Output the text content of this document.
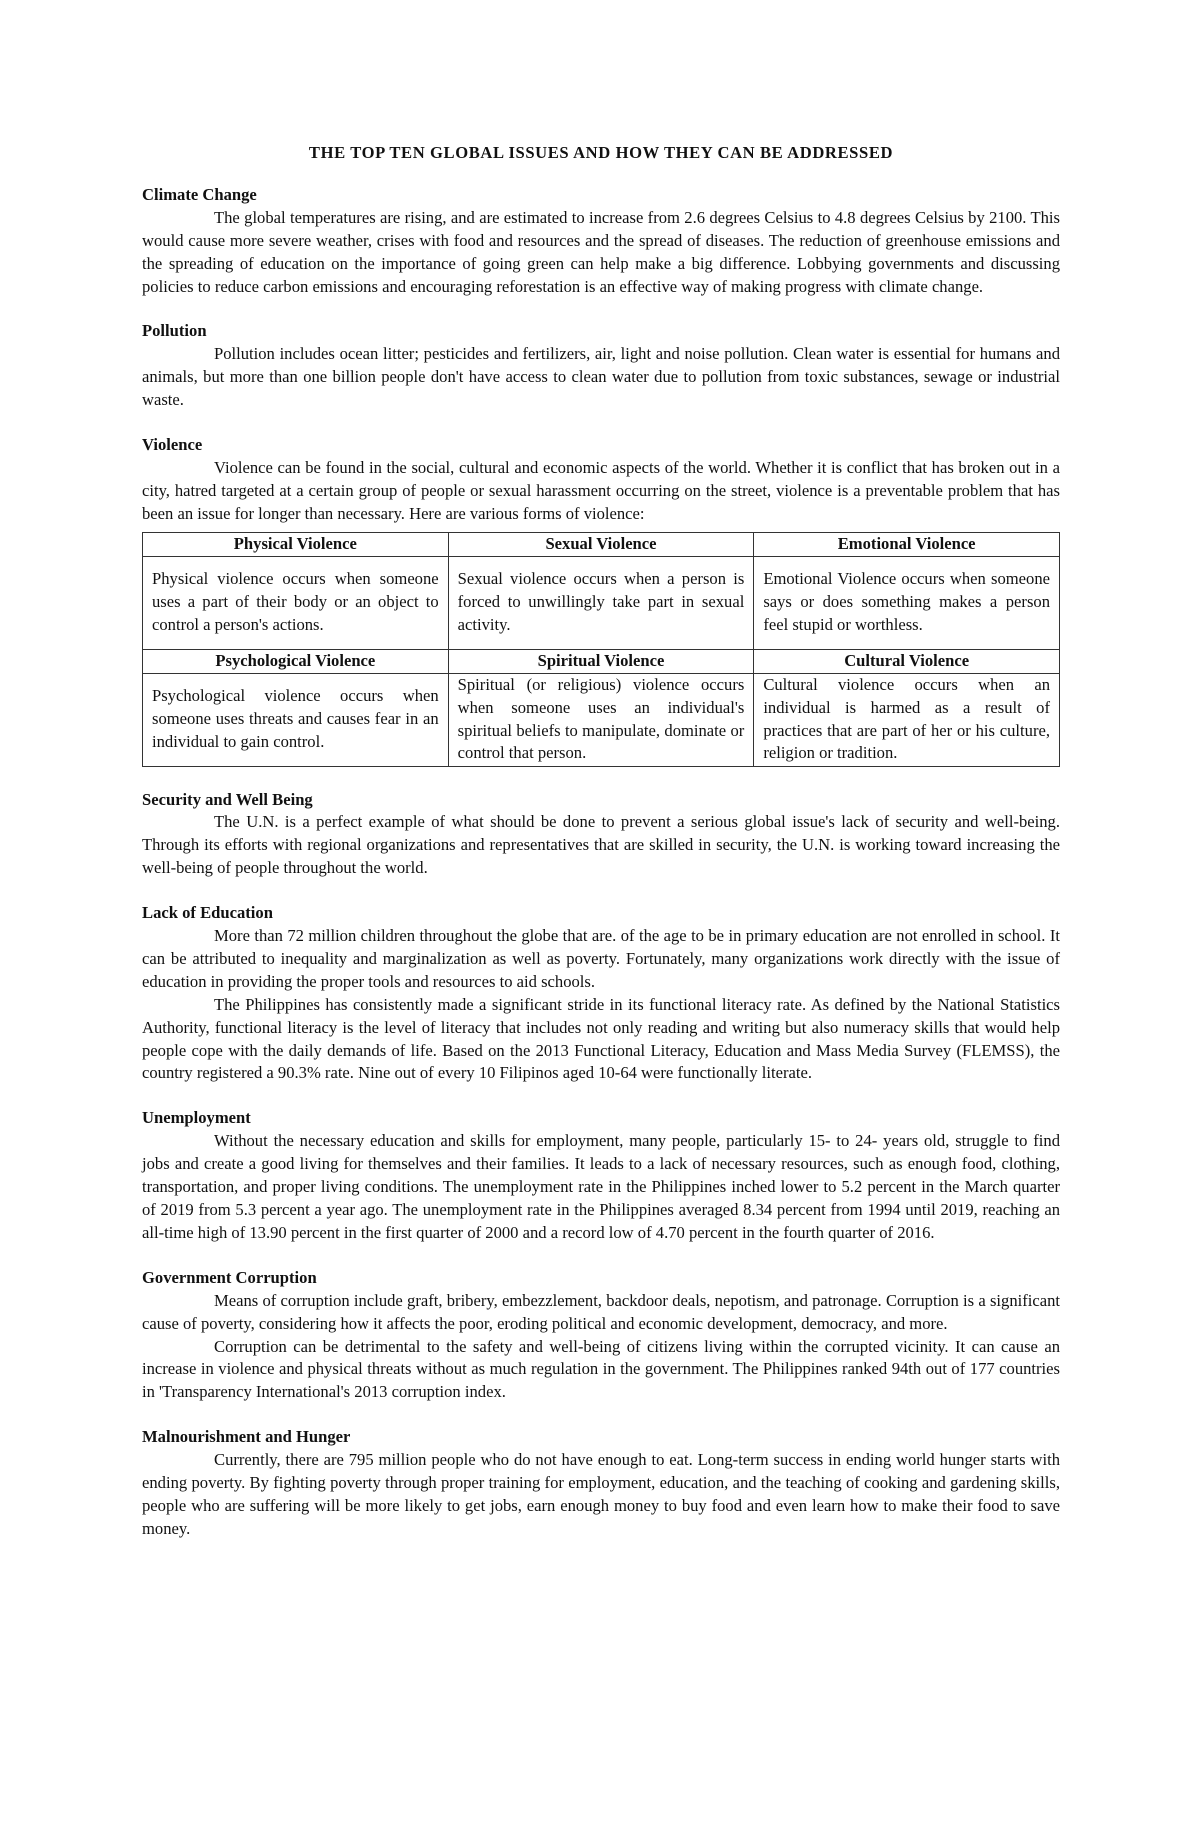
THE TOP TEN GLOBAL ISSUES AND HOW THEY CAN BE ADDRESSED
Climate Change

The global temperatures are rising, and are estimated to increase from 2.6 degrees Celsius to 4.8 degrees Celsius by 2100. This would cause more severe weather, crises with food and resources and the spread of diseases. The reduction of greenhouse emissions and the spreading of education on the importance of going green can help make a big difference. Lobbying governments and discussing policies to reduce carbon emissions and encouraging reforestation is an effective way of making progress with climate change.

Pollution

Pollution includes ocean litter; pesticides and fertilizers, air, light and noise pollution. Clean water is essential for humans and animals, but more than one billion people don't have access to clean water due to pollution from toxic substances, sewage or industrial waste.

Violence

Violence can be found in the social, cultural and economic aspects of the world. Whether it is conflict that has broken out in a city, hatred targeted at a certain group of people or sexual harassment occurring on the street, violence is a preventable problem that has been an issue for longer than necessary. Here are various forms of violence:

Physical Violence	Sexual Violence	Emotional Violence
Physical violence occurs when someone uses a part of their body or an object to control a person's actions.	Sexual violence occurs when a person is forced to unwillingly take part in sexual activity.	Emotional Violence occurs when someone says or does something makes a person feel stupid or worthless.
Psychological Violence	Spiritual Violence	Cultural Violence
Psychological violence occurs when someone uses threats and causes fear in an individual to gain control.	Spiritual (or religious) violence occurs when someone uses an individual's spiritual beliefs to manipulate, dominate or control that person.	Cultural violence occurs when an individual is harmed as a result of practices that are part of her or his culture, religion or tradition.
Security and Well Being

The U.N. is a perfect example of what should be done to prevent a serious global issue's lack of security and well-being. Through its efforts with regional organizations and representatives that are skilled in security, the U.N. is working toward increasing the well-being of people throughout the world.

Lack of Education

More than 72 million children throughout the globe that are. of the age to be in primary education are not enrolled in school. It can be attributed to inequality and marginalization as well as poverty. Fortunately, many organizations work directly with the issue of education in providing the proper tools and resources to aid schools.

The Philippines has consistently made a significant stride in its functional literacy rate. As defined by the National Statistics Authority, functional literacy is the level of literacy that includes not only reading and writing but also numeracy skills that would help people cope with the daily demands of life. Based on the 2013 Functional Literacy, Education and Mass Media Survey (FLEMSS), the country registered a 90.3% rate. Nine out of every 10 Filipinos aged 10-64 were functionally literate.

Unemployment

Without the necessary education and skills for employment, many people, particularly 15- to 24- years old, struggle to find jobs and create a good living for themselves and their families. It leads to a lack of necessary resources, such as enough food, clothing, transportation, and proper living conditions. The unemployment rate in the Philippines inched lower to 5.2 percent in the March quarter of 2019 from 5.3 percent a year ago. The unemployment rate in the Philippines averaged 8.34 percent from 1994 until 2019, reaching an all-time high of 13.90 percent in the first quarter of 2000 and a record low of 4.70 percent in the fourth quarter of 2016.

Government Corruption

Means of corruption include graft, bribery, embezzlement, backdoor deals, nepotism, and patronage. Corruption is a significant cause of poverty, considering how it affects the poor, eroding political and economic development, democracy, and more.

Corruption can be detrimental to the safety and well-being of citizens living within the corrupted vicinity. It can cause an increase in violence and physical threats without as much regulation in the government. The Philippines ranked 94th out of 177 countries in 'Transparency International's 2013 corruption index.

Malnourishment and Hunger

Currently, there are 795 million people who do not have enough to eat. Long-term success in ending world hunger starts with ending poverty. By fighting poverty through proper training for employment, education, and the teaching of cooking and gardening skills, people who are suffering will be more likely to get jobs, earn enough money to buy food and even learn how to make their food to save money.
